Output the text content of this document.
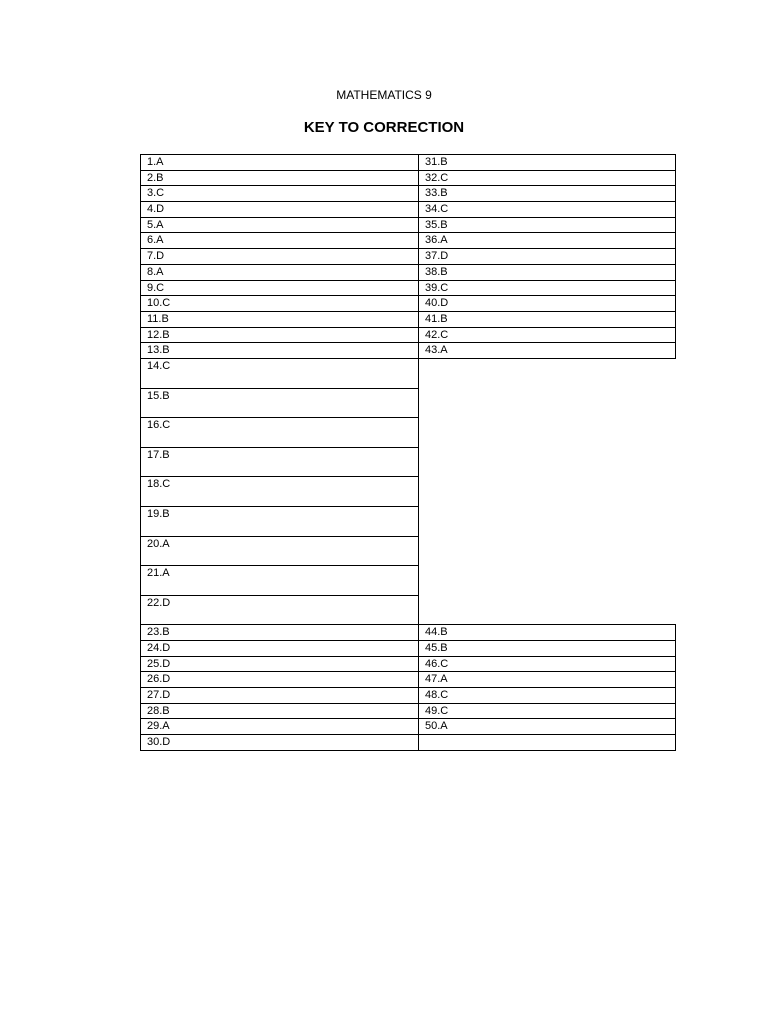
MATHEMATICS 9
KEY TO CORRECTION
1.A	31.B
2.B	32.C
3.C	33.B
4.D	34.C
5.A	35.B
6.A	36.A
7.D	37.D
8.A	38.B
9.C	39.C
10.C	40.D
11.B	41.B
12.B	42.C
13.B	43.A
14.C	
15.B	
16.C	
17.B	
18.C	
19.B	
20.A	
21.A	
22.D	
23.B	44.B
24.D	45.B
25.D	46.C
26.D	47.A
27.D	48.C
28.B	49.C
29.A	50.A
30.D	
